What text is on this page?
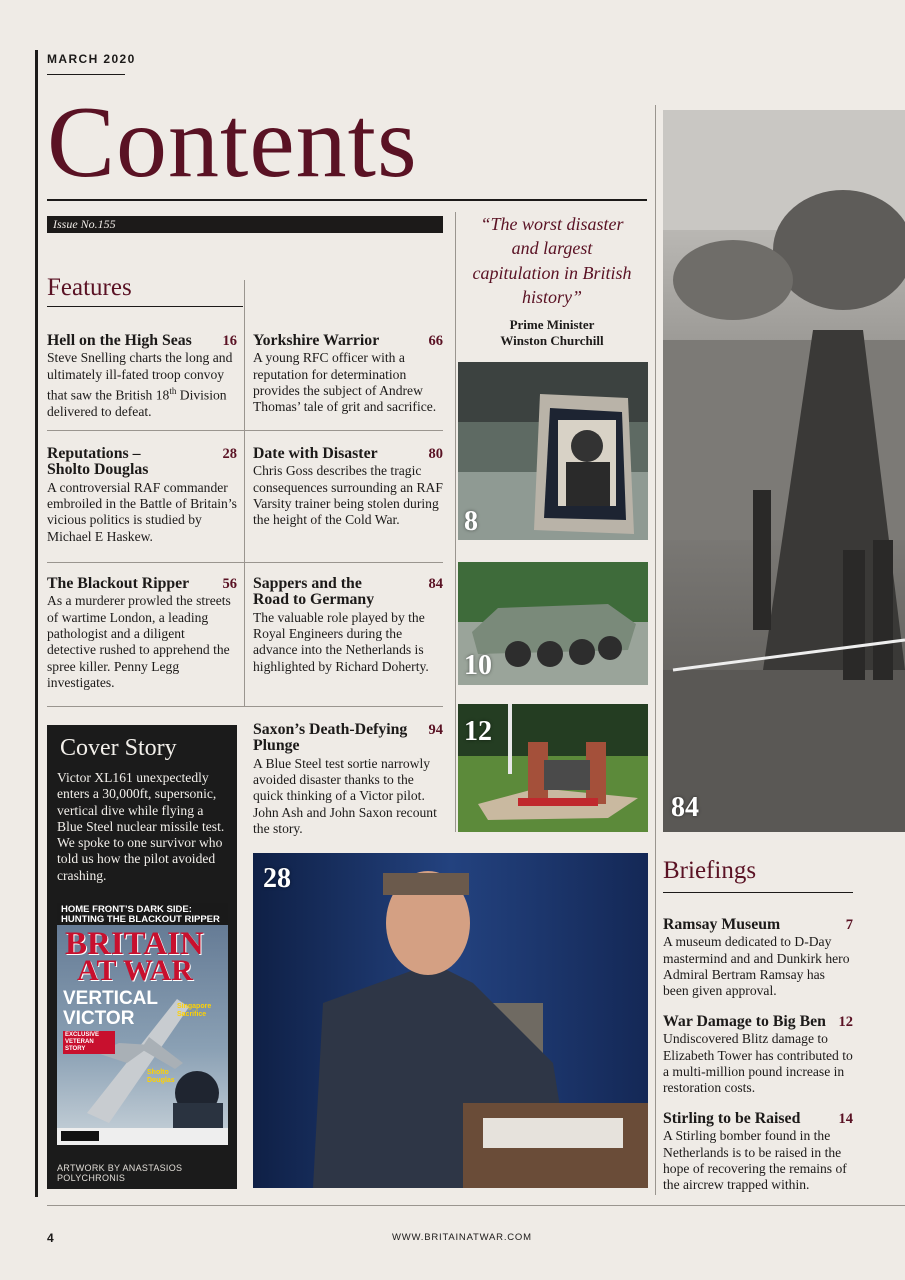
MARCH 2020
Contents
Issue No.155
Features
Hell on the High Seas 16
Steve Snelling charts the long and ultimately ill-fated troop convoy that saw the British 18th Division delivered to defeat.
Yorkshire Warrior	66
A young RFC officer with a reputation for determination provides the subject of Andrew Thomas’ tale of grit and sacrifice.
Reputations – Sholto Douglas
28
A controversial RAF commander embroiled in the Battle of Britain’s vicious politics is studied by Michael E Haskew.
Date with Disaster	80
Chris Goss describes the tragic consequences surrounding an RAF Varsity trainer being stolen during the height of the Cold War.
The Blackout Ripper 56
As a murderer prowled the streets of wartime London, a leading pathologist and a diligent detective rushed to apprehend the spree killer. Penny Legg investigates.
Sappers and the Road to Germany
84
The valuable role played by the Royal Engineers during the advance into the Netherlands is highlighted by Richard Doherty.
Saxon’s Death-Defying Plunge
94
A Blue Steel test sortie narrowly avoided disaster thanks to the quick thinking of a Victor pilot. John Ash and John Saxon recount the story.
Cover Story
Victor XL161 unexpectedly enters a 30,000ft, supersonic, vertical dive while flying a Blue Steel nuclear missile test. We spoke to one survivor who told us how the pilot avoided crashing.
HOME FRONT’S DARK SIDE: HUNTING THE BLACKOUT RIPPER
BRITAIN
AT WAR
VERTICAL
VICTOR
EXCLUSIVE VETERAN STORY
Singapore Sacrifice
Sholto Douglas
ARTWORK BY ANASTASIOS POLYCHRONIS
“The worst disaster and largest capitulation in British history”
Prime Minister
Winston Churchill
8
10
12
84
28	Briefings
Ramsay Museum	7
A museum dedicated to D-Day mastermind and and Dunkirk hero Admiral Bertram Ramsay has been given approval.
War Damage to Big Ben 12
Undiscovered Blitz damage to Elizabeth Tower has contributed to a multi-million pound increase in restoration costs.
Stirling to be Raised	14
A Stirling bomber found in the Netherlands is to be raised in the hope of recovering the remains of the aircrew trapped within.
4	WWW.BRITAINATWAR.COM
